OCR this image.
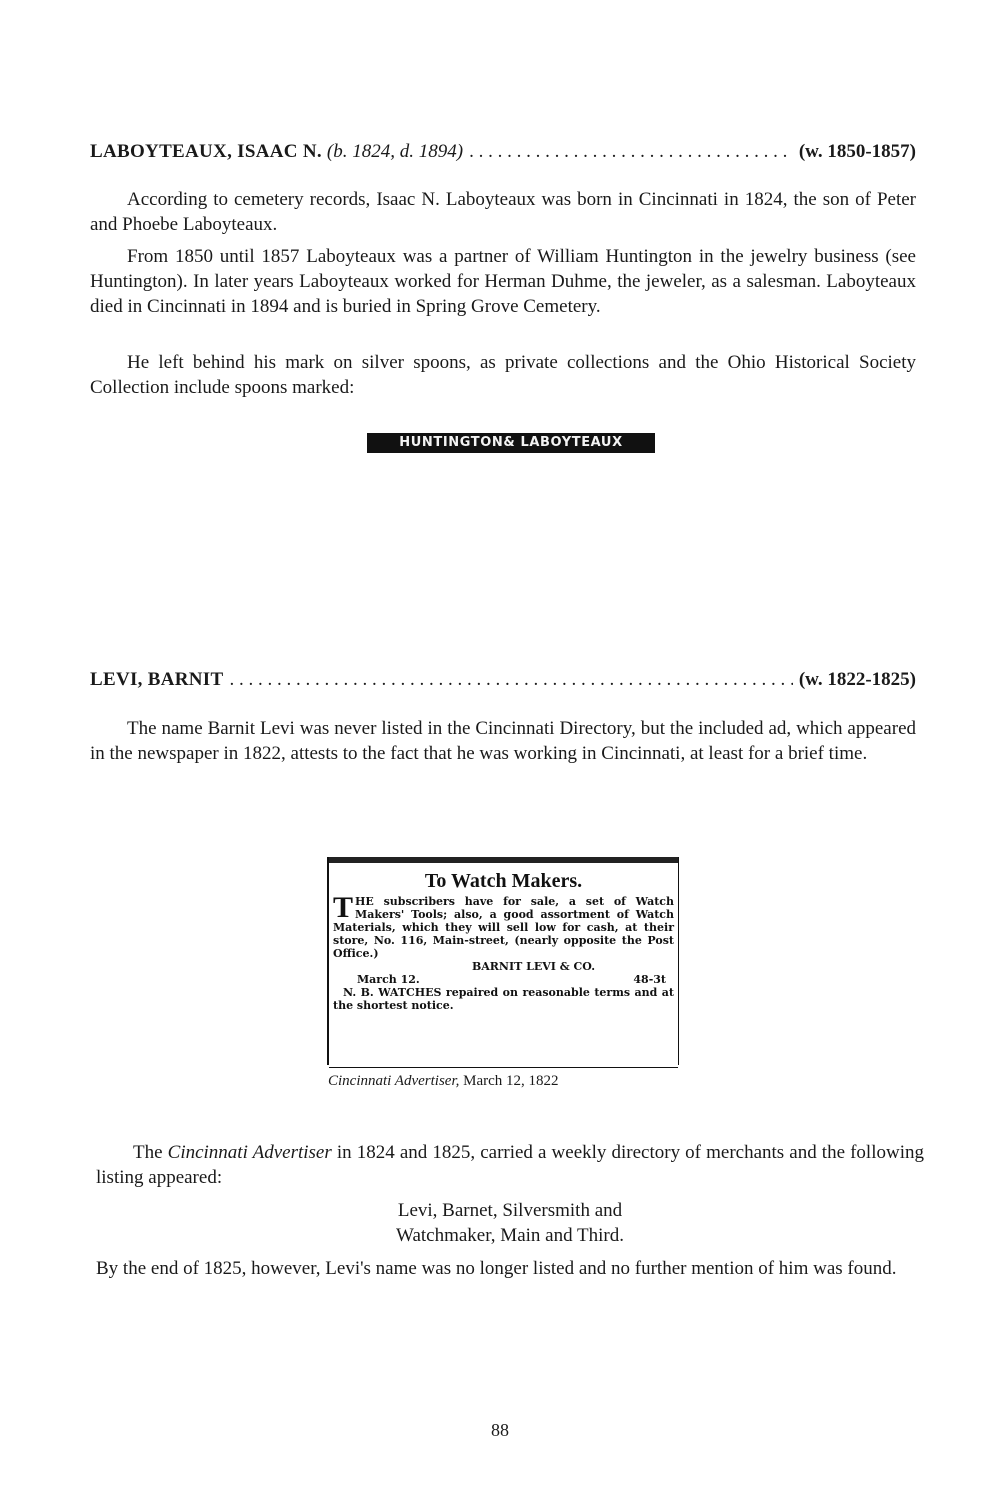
LABOYTEAUX, ISAAC N. (b. 1824, d. 1894) . . .	(w. 1850-1857)

According to cemetery records, Isaac N. Laboyteaux was born in Cincinnati in 1824, the son of Peter and Phoebe Laboyteaux.

From 1850 until 1857 Laboyteaux was a partner of William Huntington in the jewelry business (see Huntington). In later years Laboyteaux worked for Herman Duhme, the jeweler, as a salesman. Laboyteaux died in Cincinnati in 1894 and is buried in Spring Grove Cemetery.

He left behind his mark on silver spoons, as private collections and the Ohio Historical Society Collection include spoons marked:

HUNTINGTON& LABOYTEAUX
LEVI, BARNIT . . .	(w. 1822-1825)

The name Barnit Levi was never listed in the Cincinnati Directory, but the included ad, which appeared in the newspaper in 1822, attests to the fact that he was working in Cincinnati, at least for a brief time.

To Watch Makers.

THE subscribers have for sale, a set of Watch Makers' Tools; also, a good assortment of Watch Materials, which they will sell low for cash, at their store, No. 116, Main-street, (nearly opposite the Post Office.)

BARNIT LEVI & CO.
March 12.	48-3t

N. B. WATCHES repaired on reasonable terms and at the shortest notice.

Cincinnati Advertiser, March 12, 1822

The Cincinnati Advertiser in 1824 and 1825, carried a weekly directory of merchants and the following listing appeared:

Levi, Barnet, Silversmith and
Watchmaker, Main and Third.

By the end of 1825, however, Levi's name was no longer listed and no further mention of him was found.

88
